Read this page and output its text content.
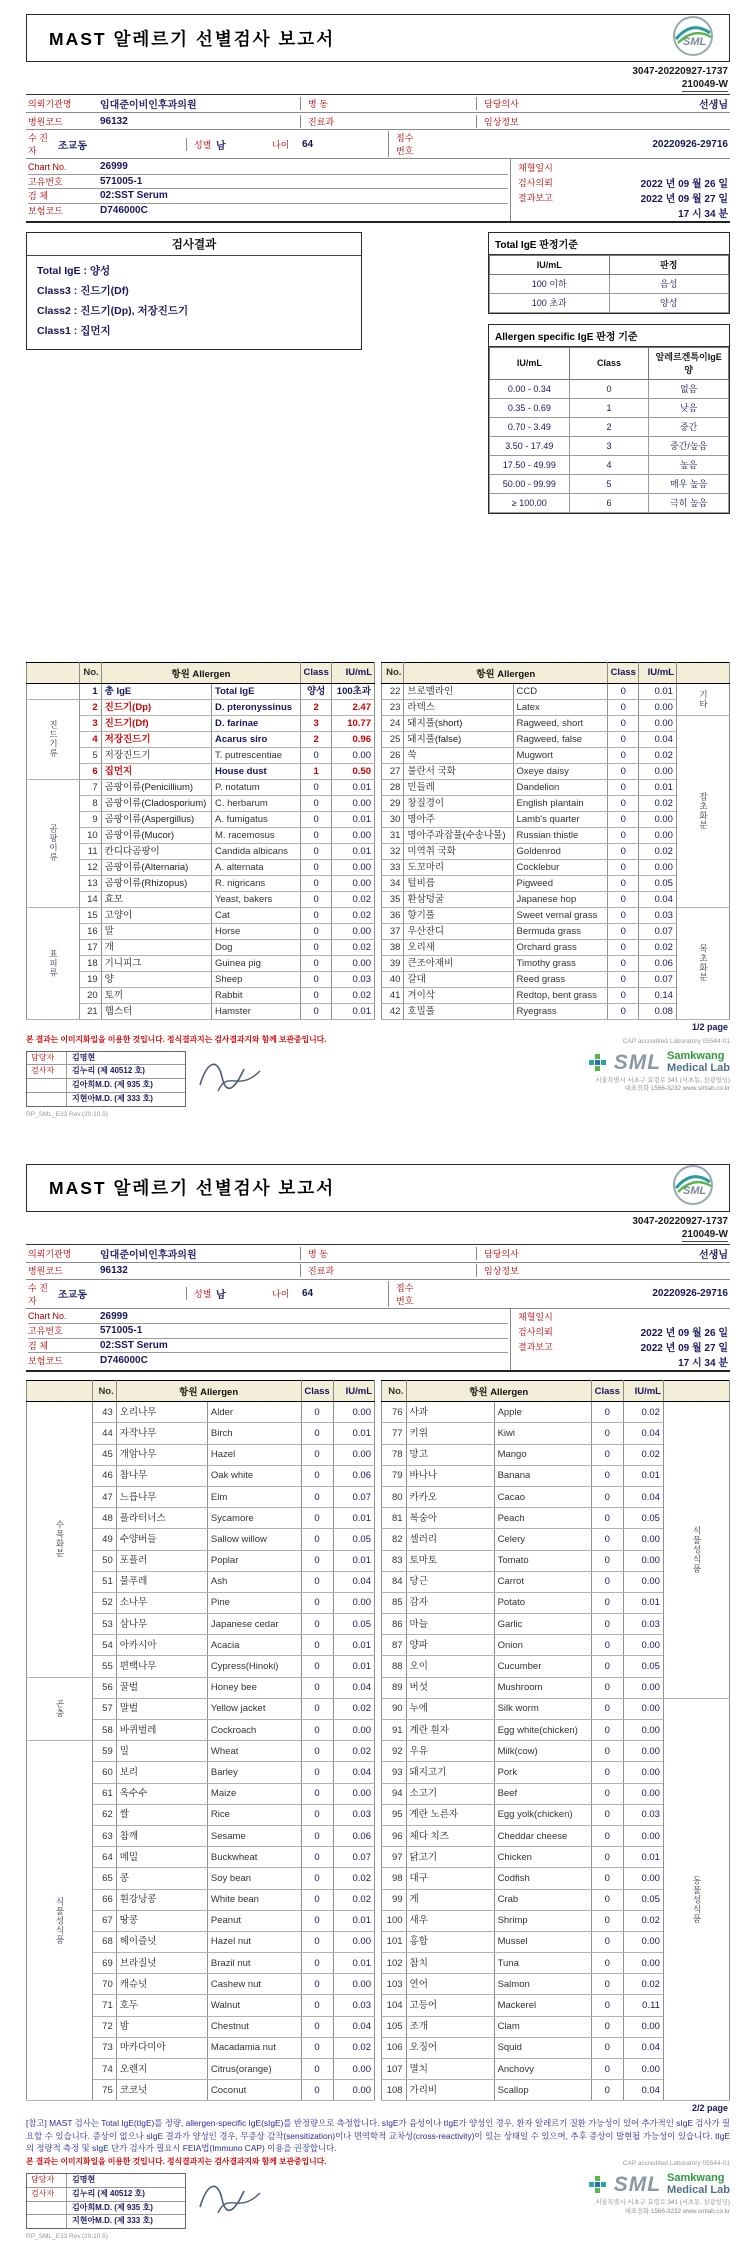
MAST 알레르기 선별검사 보고서	SML
3047-20220927-1737
210049-W
의뢰기관명	임대준이비인후과의원	병 동	담당의사	선생님
병원코드	96132	진료과	임상정보
수 진 자	조교동	성별 남	나이	64
접수번호
20220926-29716
Chart No.	26999
고유번호	571005-1
검 체	02:SST Serum
보험코드	D746000C
채혈일시
검사의뢰	2022 년 09 월 26 일
결과보고	2022 년 09 월 27 일
17 시 34 분
검사결과
Total IgE : 양성
Class3 : 진드기(Df)
Class2 : 진드기(Dp), 저장진드기
Class1 : 집먼지
Total IgE 판정기준
IU/mL	판정
100 이하	음성
100 초과	양성
Allergen specific IgE 판정 기준
IU/mL	Class	알레르겐특이IgE양
0.00 - 0.34	0	없음
0.35 - 0.69	1	낮음
0.70 - 3.49	2	중간
3.50 - 17.49	3	중간/높음
17.50 - 49.99	4	높음
50.00 - 99.99	5	매우 높음
≥ 100.00	6	극히 높음
	No.	항원 Allergen		Class	IU/mL
	1	총 IgE	Total IgE	양성	100초과
진드기류	2	진드기(Dp)	D. pteronyssinus	2	2.47
	3	진드기(Df)	D. farinae	3	10.77
	4	저장진드기	Acarus siro	2	0.96
	5	저장진드기	T. putrescentiae	0	0.00
	6	집먼지	House dust	1	0.50
곰팡이류	7	곰팡이류(Penicillium)	P. notatum	0	0.01
	8	곰팡이류(Cladosporium)	C. herbarum	0	0.00
	9	곰팡이류(Aspergillus)	A. fumigatus	0	0.01
	10	곰팡이류(Mucor)	M. racemosus	0	0.00
	11	칸디다곰팡이	Candida albicans	0	0.01
	12	곰팡이류(Alternaria)	A. alternata	0	0.00
	13	곰팡이류(Rhizopus)	R. nigricans	0	0.00
	14	효모	Yeast, bakers	0	0.02
표피류	15	고양이	Cat	0	0.02
	16	말	Horse	0	0.00
	17	개	Dog	0	0.02
	18	기니피그	Guinea pig	0	0.00
	19	양	Sheep	0	0.03
	20	토끼	Rabbit	0	0.02
	21	햄스터	Hamster	0	0.01
No.	항원 Allergen		Class	IU/mL	
22	브로멜라인	CCD	0	0.01	기타
23	라텍스	Latex	0	0.00	
24	돼지풀(short)	Ragweed, short	0	0.00	잡초화분
25	돼지풀(false)	Ragweed, false	0	0.04	
26	쑥	Mugwort	0	0.02	
27	불란서 국화	Oxeye daisy	0	0.00	
28	민들레	Dandelion	0	0.01	
29	창질경이	English plantain	0	0.02	
30	명아주	Lamb's quarter	0	0.00	
31	명아주과잡풀(수송나물)	Russian thistle	0	0.00	
32	미역취 국화	Goldenrod	0	0.02	
33	도꼬마리	Cocklebur	0	0.00	
34	털비름	Pigweed	0	0.05	
35	환삼덩굴	Japanese hop	0	0.04	
36	향기풀	Sweet vernal grass	0	0.03	목초화분
37	우산잔디	Bermuda grass	0	0.07	
38	오리새	Orchard grass	0	0.02	
39	큰조아재비	Timothy grass	0	0.06	
40	갈대	Reed grass	0	0.07	
41	겨이삭	Redtop, bent grass	0	0.14	
42	호밀풀	Ryegrass	0	0.08	
1/2 page
본 결과는 이미지화일을 이용한 것입니다. 정식결과지는 검사결과지와 함께 보관중입니다.	CAP accredited Laboratory 05544-01
담당자	김명현
검사자	김누리 (제 40512 호)
김아희M.D. (제 935 호)
지현아M.D. (제 333 호)
SML Samkwang
Medical Lab
서울특별시 서초구 효령로 341 (서초동, 삼광빌딩)
대표전화 1566-3232 www.smlab.co.kr
RP_SML_E33 Rev.(20.10.5)
MAST 알레르기 선별검사 보고서	SML
3047-20220927-1737
210049-W
의뢰기관명	임대준이비인후과의원	병 동	담당의사	선생님
병원코드	96132	진료과	임상정보
수 진 자	조교동	성별 남	나이	64
접수번호
20220926-29716
Chart No.	26999
고유번호	571005-1
검 체	02:SST Serum
보험코드	D746000C
채혈일시
검사의뢰	2022 년 09 월 26 일
결과보고	2022 년 09 월 27 일
17 시 34 분
	No.	항원 Allergen		Class	IU/mL
수목화분	43	오리나무	Alder	0	0.00
	44	자작나무	Birch	0	0.01
	45	개암나무	Hazel	0	0.00
	46	참나무	Oak white	0	0.06
	47	느릅나무	Elm	0	0.07
	48	플라터너스	Sycamore	0	0.01
	49	수양버들	Sallow willow	0	0.05
	50	포플러	Poplar	0	0.01
	51	물푸레	Ash	0	0.04
	52	소나무	Pine	0	0.00
	53	삼나무	Japanese cedar	0	0.05
	54	아카시아	Acacia	0	0.01
	55	편백나무	Cypress(Hinoki)	0	0.01
곤충	56	꿀벌	Honey bee	0	0.04
	57	말벌	Yellow jacket	0	0.02
	58	바퀴벌레	Cockroach	0	0.00
식물성식품	59	밀	Wheat	0	0.02
	60	보리	Barley	0	0.04
	61	옥수수	Maize	0	0.00
	62	쌀	Rice	0	0.03
	63	참깨	Sesame	0	0.06
	64	메밀	Buckwheat	0	0.07
	65	콩	Soy bean	0	0.02
	66	흰강낭콩	White bean	0	0.02
	67	땅콩	Peanut	0	0.01
	68	헤이즐넛	Hazel nut	0	0.00
	69	브라질넛	Brazil nut	0	0.01
	70	캐슈넛	Cashew nut	0	0.00
	71	호두	Walnut	0	0.03
	72	밤	Chestnut	0	0.04
	73	마카다미아	Macadamia nut	0	0.02
	74	오렌지	Citrus(orange)	0	0.00
	75	코코넛	Coconut	0	0.00
No.	항원 Allergen		Class	IU/mL	
76	사과	Apple	0	0.02	식물성식품
77	키위	Kiwi	0	0.04	
78	망고	Mango	0	0.02	
79	바나나	Banana	0	0.01	
80	카카오	Cacao	0	0.04	
81	복숭아	Peach	0	0.05	
82	셀러리	Celery	0	0.00	
83	토마토	Tomato	0	0.00	
84	당근	Carrot	0	0.00	
85	감자	Potato	0	0.01	
86	마늘	Garlic	0	0.03	
87	양파	Onion	0	0.00	
88	오이	Cucumber	0	0.05	
89	버섯	Mushroom	0	0.00	
90	누에	Silk worm	0	0.00	동물성식품
91	계란 흰자	Egg white(chicken)	0	0.00	
92	우유	Milk(cow)	0	0.00	
93	돼지고기	Pork	0	0.00	
94	소고기	Beef	0	0.00	
95	계란 노른자	Egg yolk(chicken)	0	0.03	
96	체다 치즈	Cheddar cheese	0	0.00	
97	닭고기	Chicken	0	0.01	
98	대구	Codfish	0	0.00	
99	게	Crab	0	0.05	
100	새우	Shrimp	0	0.02	
101	홍합	Mussel	0	0.00	
102	참치	Tuna	0	0.00	
103	연어	Salmon	0	0.02	
104	고등어	Mackerel	0	0.11	
105	조개	Clam	0	0.00	
106	오징어	Squid	0	0.04	
107	멸치	Anchovy	0	0.00	
108	가리비	Scallop	0	0.04	
2/2 page
[참고] MAST 검사는 Total IgE(tIgE)를 정량, allergen-specific IgE(sIgE)를 반정량으로 측정합니다. sIgE가 음성이나 tIgE가 양성인 경우, 환자 알레르기 질환 가능성이 있어 추가적인 sIgE 검사가 필요할 수 있습니다. 증상이 없으나 sIgE 결과가 양성인 경우, 무증상 감작(sensitization)이나 면역학적 교차성(cross-reactivity)이 있는 상태일 수 있으며, 추후 증상이 발현될 가능성이 있습니다. tIgE의 정량적 측정 및 sIgE 단가 검사가 필요시 FEIA법(Immuno CAP) 이용을 권장합니다.
본 결과는 이미지화일을 이용한 것입니다. 정식결과지는 검사결과지와 함께 보관중입니다.	CAP accredited Laboratory 05544-01
담당자	김명현
검사자	김누리 (제 40512 호)
김아희M.D. (제 935 호)
지현아M.D. (제 333 호)
SML Samkwang
Medical Lab
서울특별시 서초구 효령로 341 (서초동, 삼광빌딩)
대표전화 1566-3232 www.smlab.co.kr
RP_SML_E33 Rev.(20.10.5)
